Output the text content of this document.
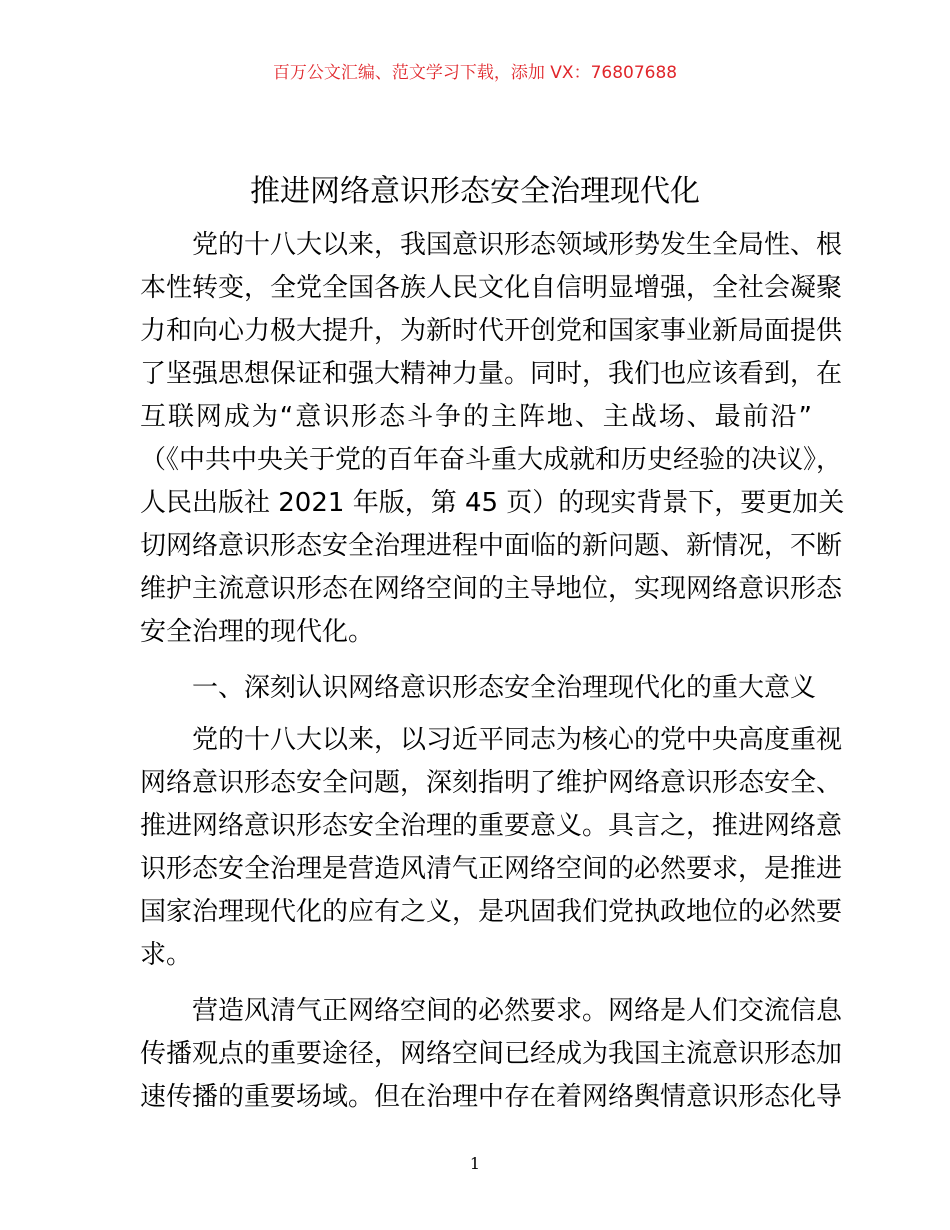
百万公文汇编、范文学习下载，添加 VX：76807688
推进网络意识形态安全治理现代化
党的十八大以来，我国意识形态领域形势发生全局性、根
本性转变，全党全国各族人民文化自信明显增强，全社会凝聚
力和向心力极大提升，为新时代开创党和国家事业新局面提供
了坚强思想保证和强大精神力量。同时，我们也应该看到，在
互联网成为“意识形态斗争的主阵地、主战场、最前沿”
（《中共中央关于党的百年奋斗重大成就和历史经验的决议》，
人民出版社 2021 年版，第 45 页）的现实背景下，要更加关
切网络意识形态安全治理进程中面临的新问题、新情况，不断
维护主流意识形态在网络空间的主导地位，实现网络意识形态
安全治理的现代化。
一、深刻认识网络意识形态安全治理现代化的重大意义
党的十八大以来，以习近平同志为核心的党中央高度重视
网络意识形态安全问题，深刻指明了维护网络意识形态安全、
推进网络意识形态安全治理的重要意义。具言之，推进网络意
识形态安全治理是营造风清气正网络空间的必然要求，是推进
国家治理现代化的应有之义，是巩固我们党执政地位的必然要
求。
营造风清气正网络空间的必然要求。网络是人们交流信息
传播观点的重要途径，网络空间已经成为我国主流意识形态加
速传播的重要场域。但在治理中存在着网络舆情意识形态化导
1
